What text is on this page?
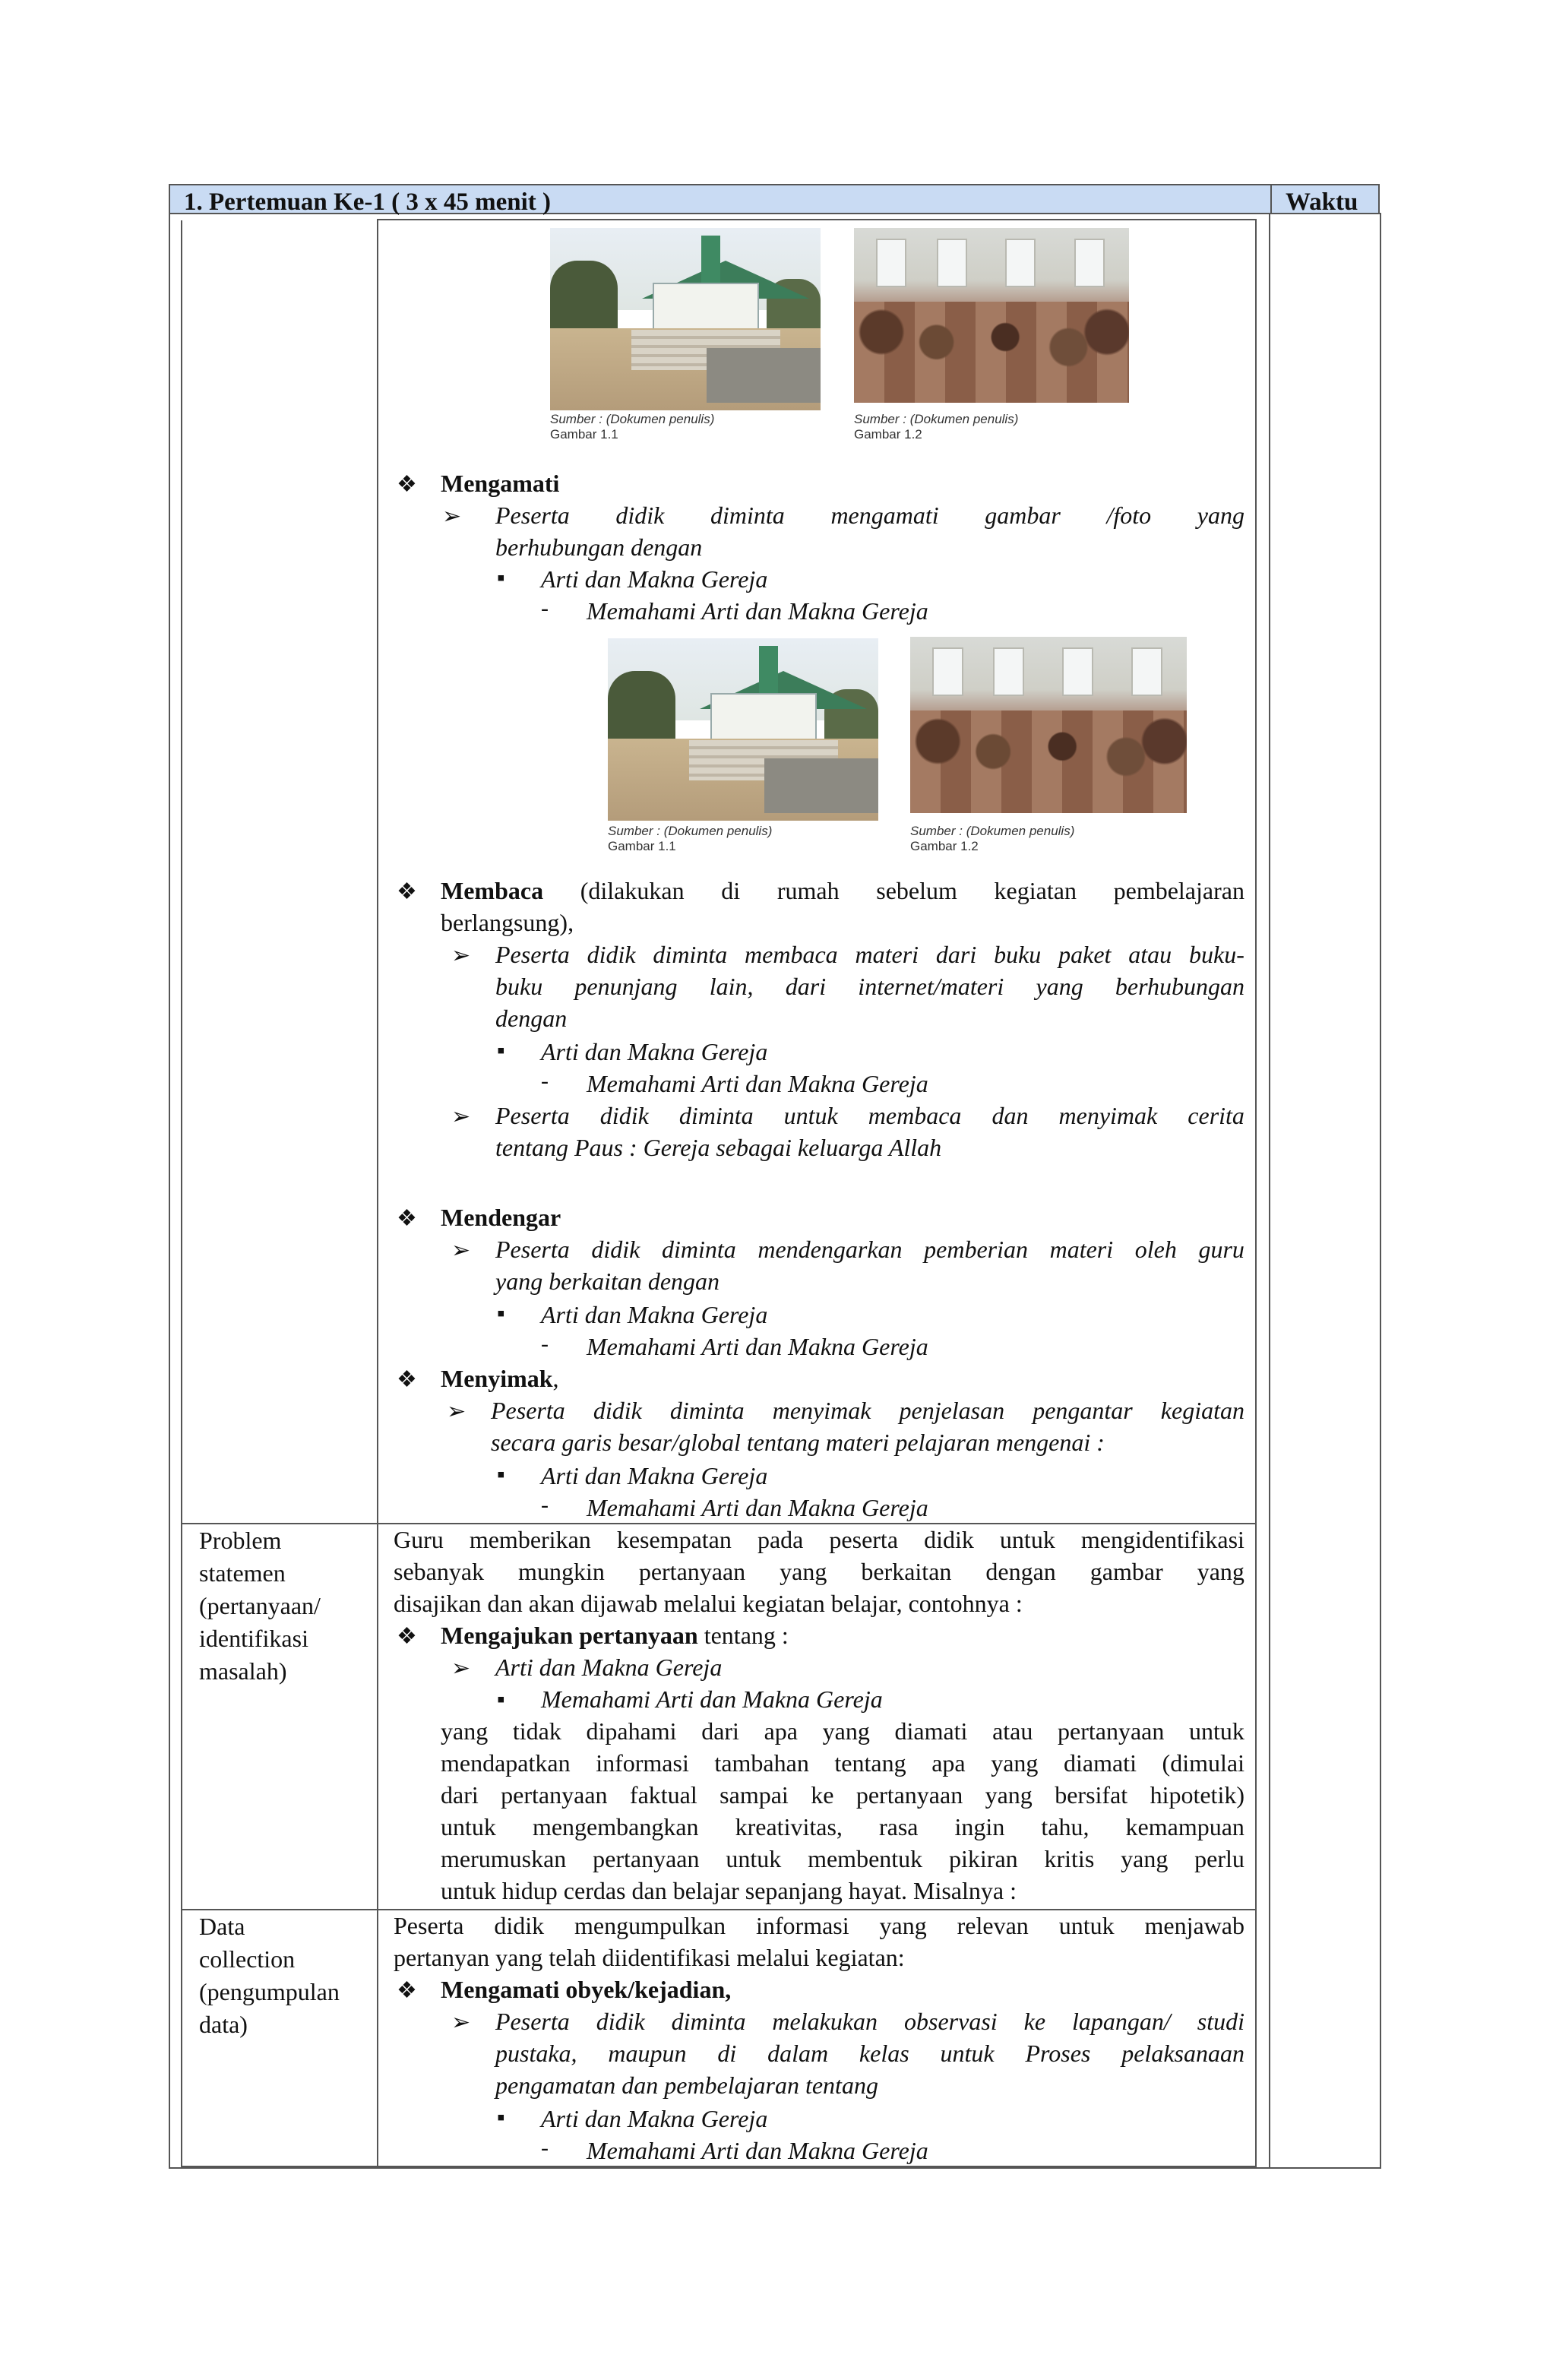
1. Pertemuan Ke-1 ( 3 x 45 menit )	Waktu
Sumber : (Dokumen penulis)
Gambar 1.1
Sumber : (Dokumen penulis)
Gambar 1.2
❖ Mengamati
➢ Peserta didik diminta mengamati gambar /foto yang
berhubungan dengan
▪ Arti dan Makna Gereja
- Memahami Arti dan Makna Gereja
Sumber : (Dokumen penulis)
Gambar 1.1
Sumber : (Dokumen penulis)
Gambar 1.2
❖ Membaca (dilakukan di rumah sebelum kegiatan pembelajaran
berlangsung),
➢ Peserta didik diminta membaca materi dari buku paket atau buku-
buku penunjang lain, dari internet/materi yang berhubungan
dengan
▪ Arti dan Makna Gereja
- Memahami Arti dan Makna Gereja
➢ Peserta didik diminta untuk membaca dan menyimak cerita
tentang Paus : Gereja sebagai keluarga Allah
❖ Mendengar
➢ Peserta didik diminta mendengarkan pemberian materi oleh guru
yang berkaitan dengan
▪ Arti dan Makna Gereja
- Memahami Arti dan Makna Gereja
❖ Menyimak,
➢ Peserta didik diminta menyimak penjelasan pengantar kegiatan
secara garis besar/global tentang materi pelajaran mengenai :
▪ Arti dan Makna Gereja
- Memahami Arti dan Makna Gereja
Problem
statemen
(pertanyaan/
identifikasi
masalah)
Guru memberikan kesempatan pada peserta didik untuk mengidentifikasi
sebanyak mungkin pertanyaan yang berkaitan dengan gambar yang
disajikan dan akan dijawab melalui kegiatan belajar, contohnya :
❖ Mengajukan pertanyaan tentang :
➢ Arti dan Makna Gereja
▪ Memahami Arti dan Makna Gereja
yang tidak dipahami dari apa yang diamati atau pertanyaan untuk
mendapatkan informasi tambahan tentang apa yang diamati (dimulai
dari pertanyaan faktual sampai ke pertanyaan yang bersifat hipotetik)
untuk mengembangkan kreativitas, rasa ingin tahu, kemampuan
merumuskan pertanyaan untuk membentuk pikiran kritis yang perlu
untuk hidup cerdas dan belajar sepanjang hayat. Misalnya :
Data
collection
(pengumpulan
data)
Peserta didik mengumpulkan informasi yang relevan untuk menjawab
pertanyan yang telah diidentifikasi melalui kegiatan:
❖ Mengamati obyek/kejadian,
➢ Peserta didik diminta melakukan observasi ke lapangan/ studi
pustaka, maupun di dalam kelas untuk Proses pelaksanaan
pengamatan dan pembelajaran tentang
▪ Arti dan Makna Gereja
- Memahami Arti dan Makna Gereja
